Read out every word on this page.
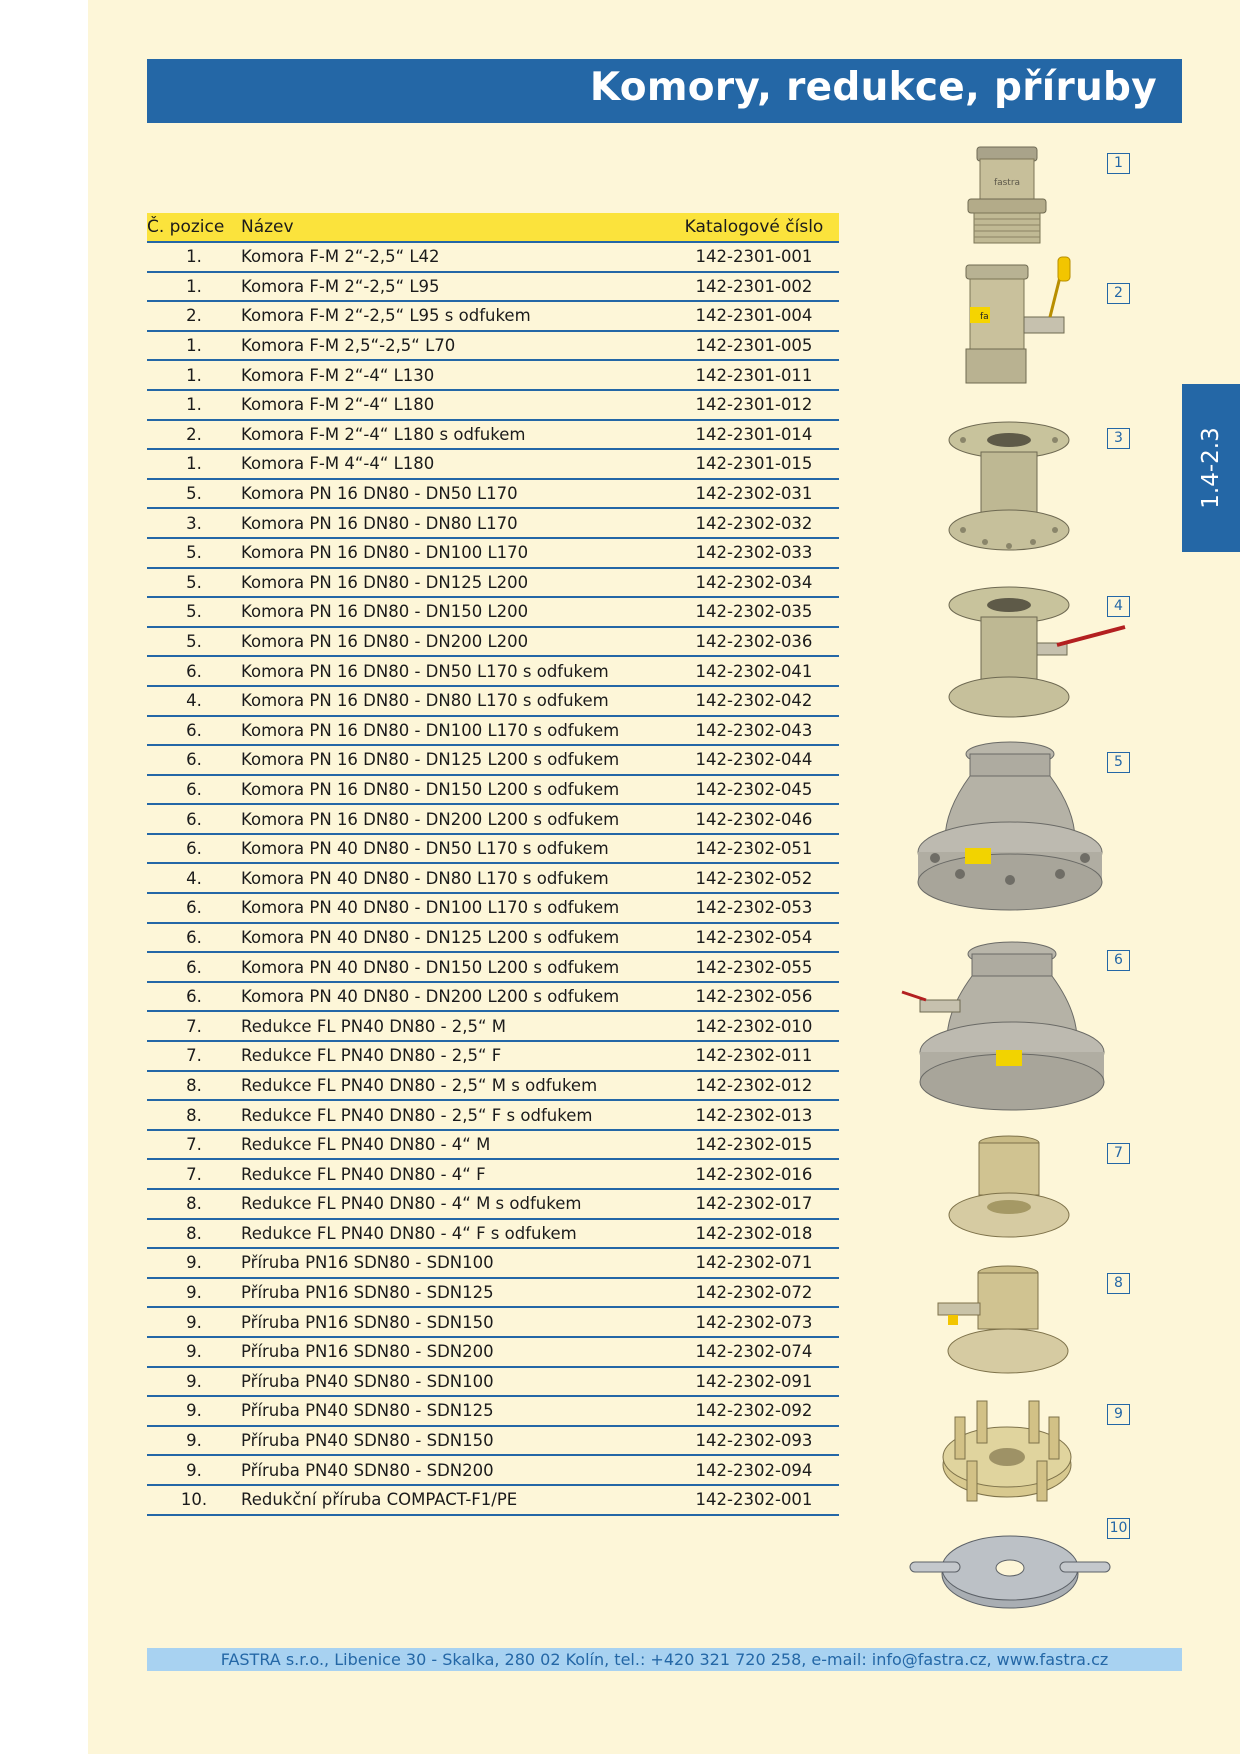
Komory, redukce, příruby
1.4-2.3
Č. pozice	Název	Katalogové číslo
1.	Komora F-M 2“-2,5“ L42	142-2301-001
1.	Komora F-M 2“-2,5“ L95	142-2301-002
2.	Komora F-M 2“-2,5“ L95 s odfukem	142-2301-004
1.	Komora F-M 2,5“-2,5“ L70	142-2301-005
1.	Komora F-M 2“-4“ L130	142-2301-011
1.	Komora F-M 2“-4“ L180	142-2301-012
2.	Komora F-M 2“-4“ L180 s odfukem	142-2301-014
1.	Komora F-M 4“-4“ L180	142-2301-015
5.	Komora PN 16 DN80 - DN50 L170	142-2302-031
3.	Komora PN 16 DN80 - DN80 L170	142-2302-032
5.	Komora PN 16 DN80 - DN100 L170	142-2302-033
5.	Komora PN 16 DN80 - DN125 L200	142-2302-034
5.	Komora PN 16 DN80 - DN150 L200	142-2302-035
5.	Komora PN 16 DN80 - DN200 L200	142-2302-036
6.	Komora PN 16 DN80 - DN50 L170 s odfukem	142-2302-041
4.	Komora PN 16 DN80 - DN80 L170 s odfukem	142-2302-042
6.	Komora PN 16 DN80 - DN100 L170 s odfukem	142-2302-043
6.	Komora PN 16 DN80 - DN125 L200 s odfukem	142-2302-044
6.	Komora PN 16 DN80 - DN150 L200 s odfukem	142-2302-045
6.	Komora PN 16 DN80 - DN200 L200 s odfukem	142-2302-046
6.	Komora PN 40 DN80 - DN50 L170 s odfukem	142-2302-051
4.	Komora PN 40 DN80 - DN80 L170 s odfukem	142-2302-052
6.	Komora PN 40 DN80 - DN100 L170 s odfukem	142-2302-053
6.	Komora PN 40 DN80 - DN125 L200 s odfukem	142-2302-054
6.	Komora PN 40 DN80 - DN150 L200 s odfukem	142-2302-055
6.	Komora PN 40 DN80 - DN200 L200 s odfukem	142-2302-056
7.	Redukce FL PN40 DN80 - 2,5“ M	142-2302-010
7.	Redukce FL PN40 DN80 - 2,5“ F	142-2302-011
8.	Redukce FL PN40 DN80 - 2,5“ M s odfukem	142-2302-012
8.	Redukce FL PN40 DN80 - 2,5“ F s odfukem	142-2302-013
7.	Redukce FL PN40 DN80 - 4“ M	142-2302-015
7.	Redukce FL PN40 DN80 - 4“ F	142-2302-016
8.	Redukce FL PN40 DN80 - 4“ M s odfukem	142-2302-017
8.	Redukce FL PN40 DN80 - 4“ F s odfukem	142-2302-018
9.	Příruba PN16 SDN80 - SDN100	142-2302-071
9.	Příruba PN16 SDN80 - SDN125	142-2302-072
9.	Příruba PN16 SDN80 - SDN150	142-2302-073
9.	Příruba PN16 SDN80 - SDN200	142-2302-074
9.	Příruba PN40 SDN80 - SDN100	142-2302-091
9.	Příruba PN40 SDN80 - SDN125	142-2302-092
9.	Příruba PN40 SDN80 - SDN150	142-2302-093
9.	Příruba PN40 SDN80 - SDN200	142-2302-094
10.	Redukční příruba COMPACT-F1/PE	142-2302-001
fastra
1
fa
2
3
4
5
6
7
8
9
10
FASTRA s.r.o., Libenice 30 - Skalka, 280 02 Kolín, tel.: +420 321 720 258, e-mail: info@fastra.cz, www.fastra.cz
